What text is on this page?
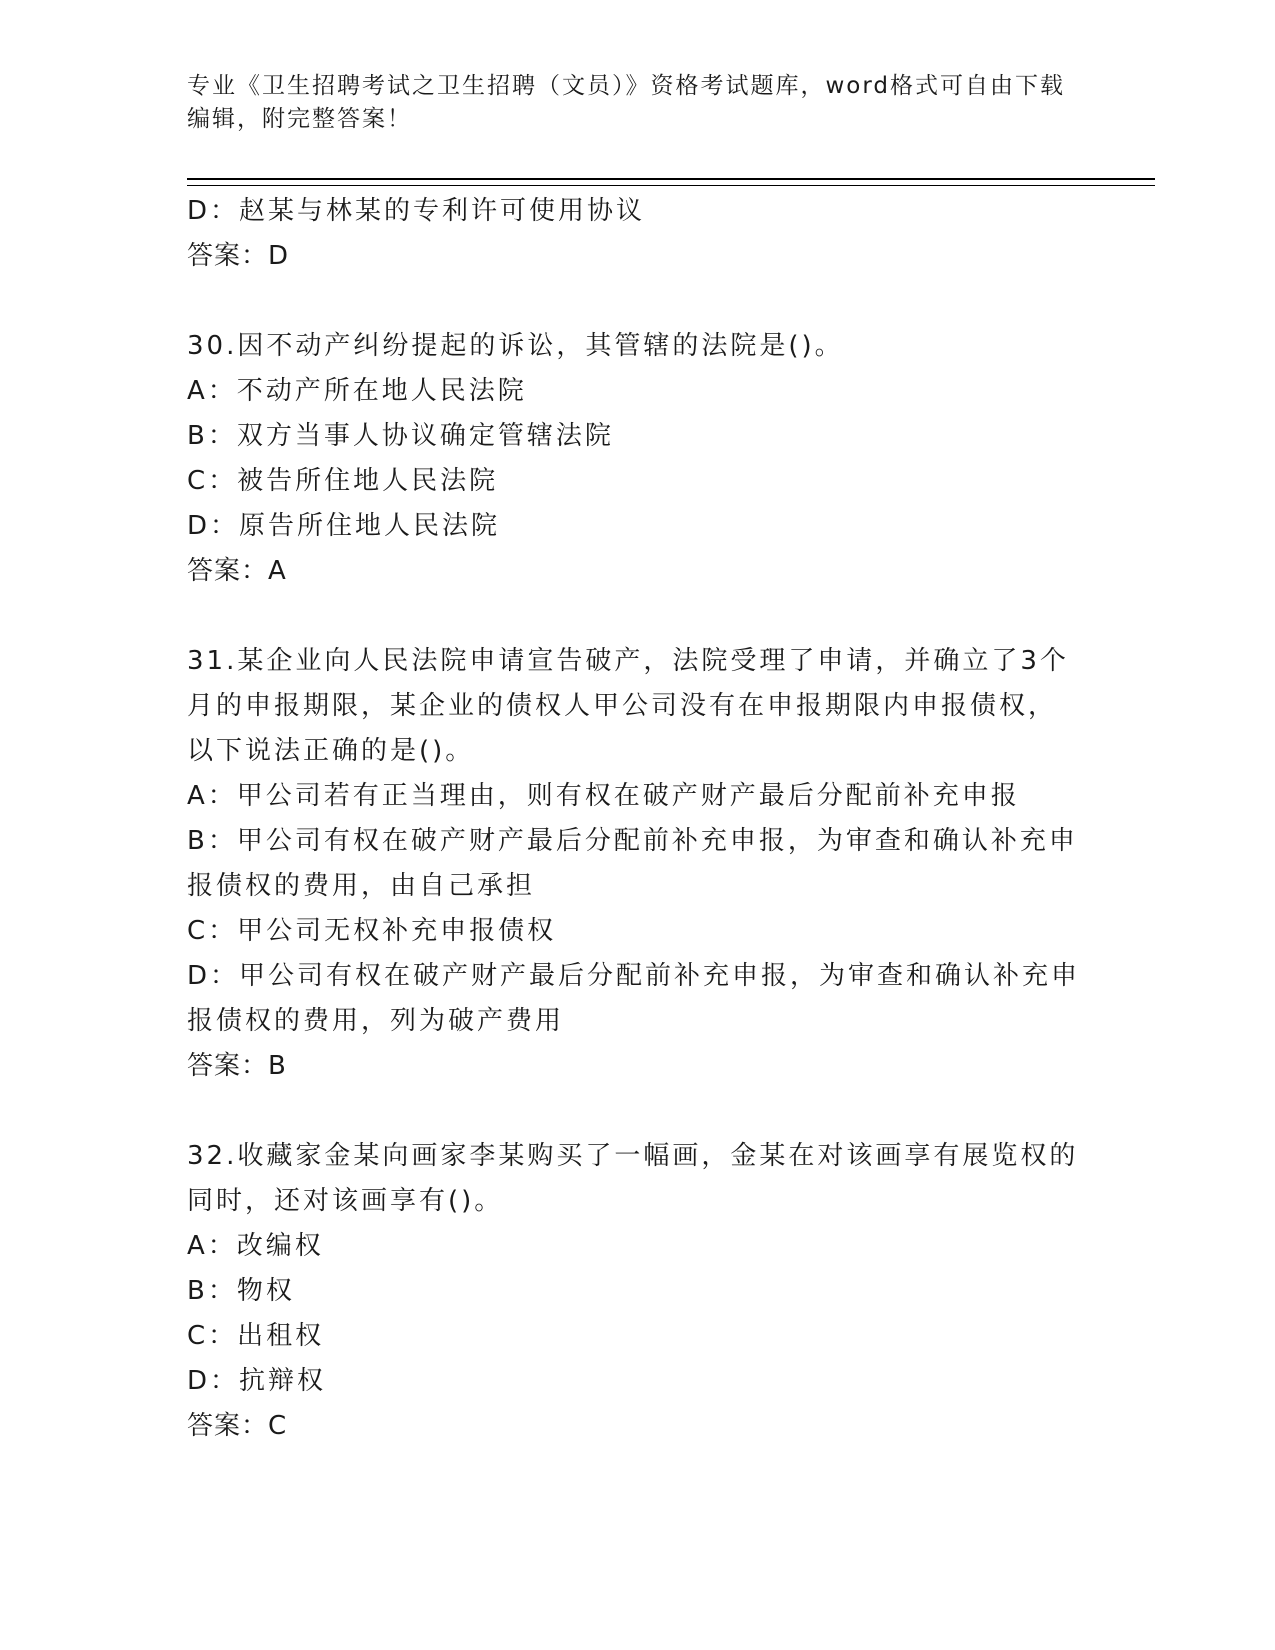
专业《卫生招聘考试之卫生招聘（文员）》资格考试题库，word格式可自由下载
编辑，附完整答案！
D：赵某与林某的专利许可使用协议
答案：D
30.因不动产纠纷提起的诉讼，其管辖的法院是()。
A：不动产所在地人民法院
B：双方当事人协议确定管辖法院
C：被告所住地人民法院
D：原告所住地人民法院
答案：A
31.某企业向人民法院申请宣告破产，法院受理了申请，并确立了3个
月的申报期限，某企业的债权人甲公司没有在申报期限内申报债权，
以下说法正确的是()。
A：甲公司若有正当理由，则有权在破产财产最后分配前补充申报
B：甲公司有权在破产财产最后分配前补充申报，为审查和确认补充申
报债权的费用，由自己承担
C：甲公司无权补充申报债权
D：甲公司有权在破产财产最后分配前补充申报，为审查和确认补充申
报债权的费用，列为破产费用
答案：B
32.收藏家金某向画家李某购买了一幅画，金某在对该画享有展览权的
同时，还对该画享有()。
A：改编权
B：物权
C：出租权
D：抗辩权
答案：C
